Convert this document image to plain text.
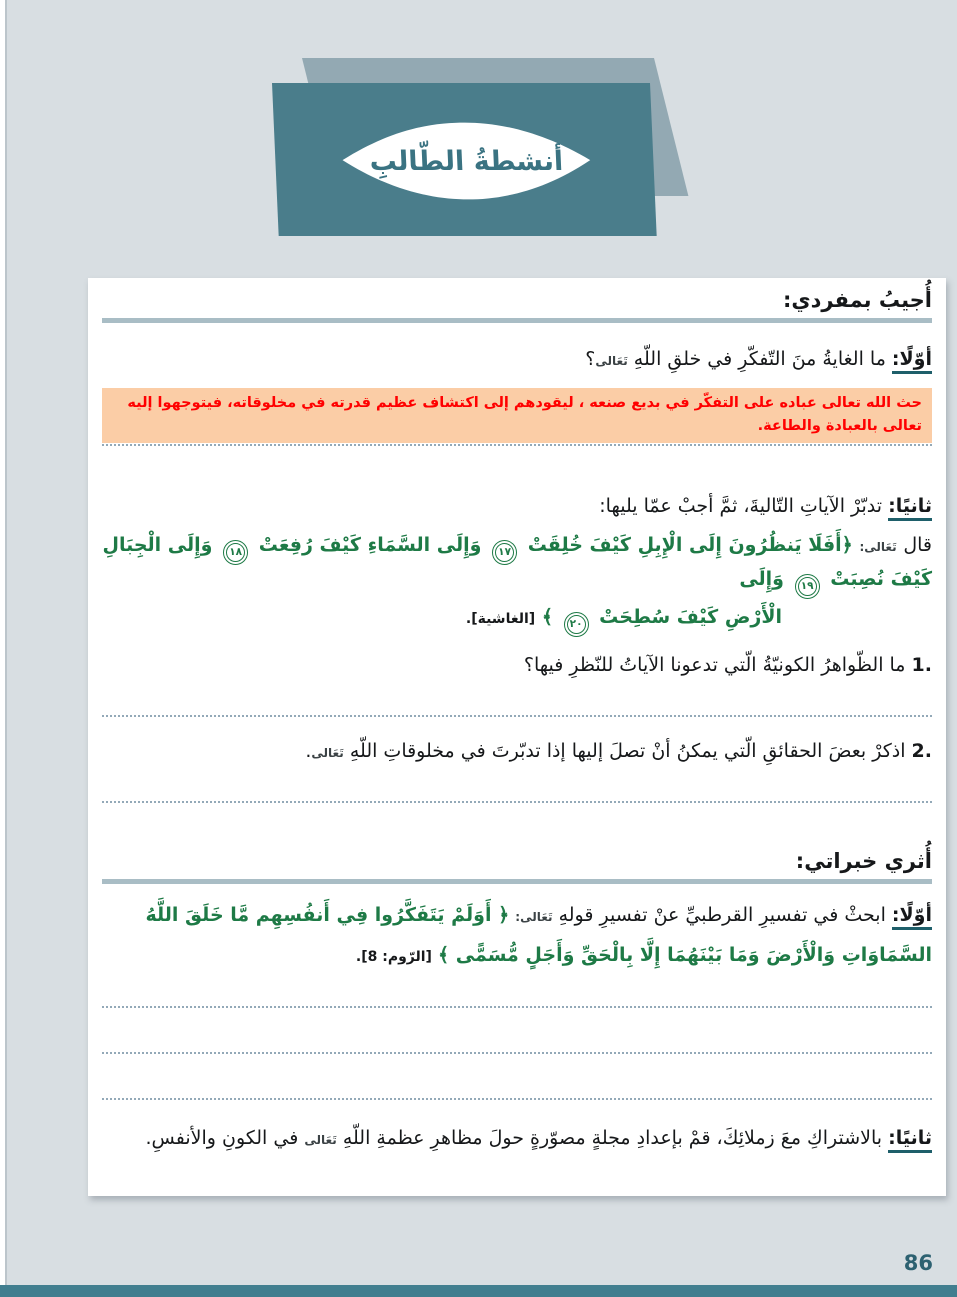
أنشطةُ الطّالبِ
أُجيبُ بمفردي:
أوّلًا: ما الغايةُ منَ التّفكّرِ في خلقِ اللّهِ تَعَالى؟
حث الله تعالى عباده على التفكّر في بديع صنعه ، ليقودهم إلى اكتشاف عظيم قدرته في مخلوقاته، فيتوجهوا إليه تعالى بالعبادة والطاعة.
ثانيًا: تدبّرْ الآياتِ التّاليةَ، ثمَّ أجبْ عمّا يليها:
قال تَعَالى: ﴿أَفَلَا يَنظُرُونَ إِلَى الْإِبِلِ كَيْفَ خُلِقَتْ ١٧ وَإِلَى السَّمَاءِ كَيْفَ رُفِعَتْ ١٨ وَإِلَى الْجِبَالِ كَيْفَ نُصِبَتْ ١٩ وَإِلَى
الْأَرْضِ كَيْفَ سُطِحَتْ ٢٠ ﴾ [الغاشية].
1. ما الظّواهرُ الكونيّةُ الّتي تدعونا الآياتُ للنّظرِ فيها؟
2. اذكرْ بعضَ الحقائقِ الّتي يمكنُ أنْ تصلَ إليها إذا تدبّرتَ في مخلوقاتِ اللّهِ تَعَالى.
أُثري خبراتي:
أوّلًا: ابحثْ في تفسيرِ القرطبيِّ عنْ تفسيرِ قولهِ تَعَالى: ﴿ أَوَلَمْ يَتَفَكَّرُوا فِي أَنفُسِهِم مَّا خَلَقَ اللَّهُ السَّمَاوَاتِ وَالْأَرْضَ وَمَا بَيْنَهُمَا إِلَّا بِالْحَقِّ وَأَجَلٍ مُّسَمًّى ﴾ [الرّوم: 8].
ثانيًا: بالاشتراكِ معَ زملائِكَ، قمْ بإعدادِ مجلةٍ مصوّرةٍ حولَ مظاهرِ عظمةِ اللّهِ تَعَالى في الكونِ والأنفسِ.
86
